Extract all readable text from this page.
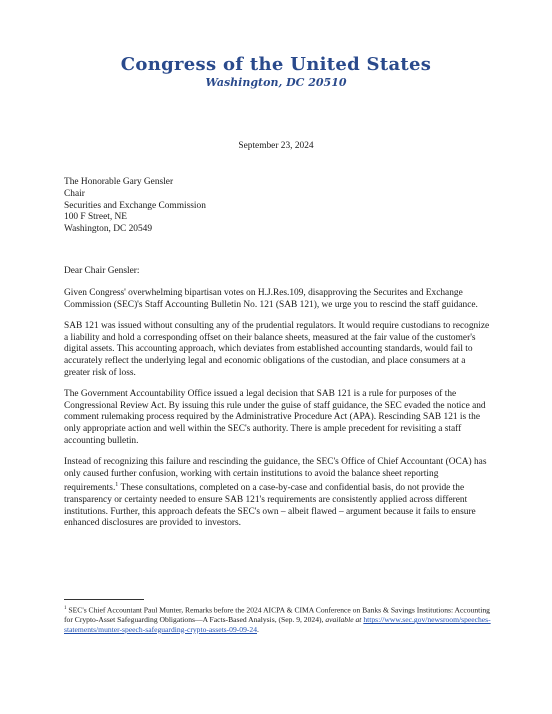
Congress of the United States
Washington, DC 20510
September 23, 2024
The Honorable Gary Gensler
Chair
Securities and Exchange Commission
100 F Street, NE
Washington, DC 20549
Dear Chair Gensler:

Given Congress' overwhelming bipartisan votes on H.J.Res.109, disapproving the Securites and Exchange Commission (SEC)'s Staff Accounting Bulletin No. 121 (SAB 121), we urge you to rescind the staff guidance.

SAB 121 was issued without consulting any of the prudential regulators. It would require custodians to recognize a liability and hold a corresponding offset on their balance sheets, measured at the fair value of the customer's digital assets. This accounting approach, which deviates from established accounting standards, would fail to accurately reflect the underlying legal and economic obligations of the custodian, and place consumers at a greater risk of loss.

The Government Accountability Office issued a legal decision that SAB 121 is a rule for purposes of the Congressional Review Act. By issuing this rule under the guise of staff guidance, the SEC evaded the notice and comment rulemaking process required by the Administrative Procedure Act (APA). Rescinding SAB 121 is the only appropriate action and well within the SEC's authority. There is ample precedent for revisiting a staff accounting bulletin.

Instead of recognizing this failure and rescinding the guidance, the SEC's Office of Chief Accountant (OCA) has only caused further confusion, working with certain institutions to avoid the balance sheet reporting requirements.$^1$ These consultations, completed on a case-by-case and confidential basis, do not provide the transparency or certainty needed to ensure SAB 121's requirements are consistently applied across different institutions. Further, this approach defeats the SEC's own – albeit flawed – argument because it fails to ensure enhanced disclosures are provided to investors.

$^1$ SEC's Chief Accountant Paul Munter, Remarks before the 2024 AICPA & CIMA Conference on Banks & Savings Institutions: Accounting for Crypto-Asset Safeguarding Obligations—A Facts-Based Analysis, (Sep. 9, 2024), available at https://www.sec.gov/newsroom/speeches-statements/munter-speech-safeguarding-crypto-assets-09-09-24.
